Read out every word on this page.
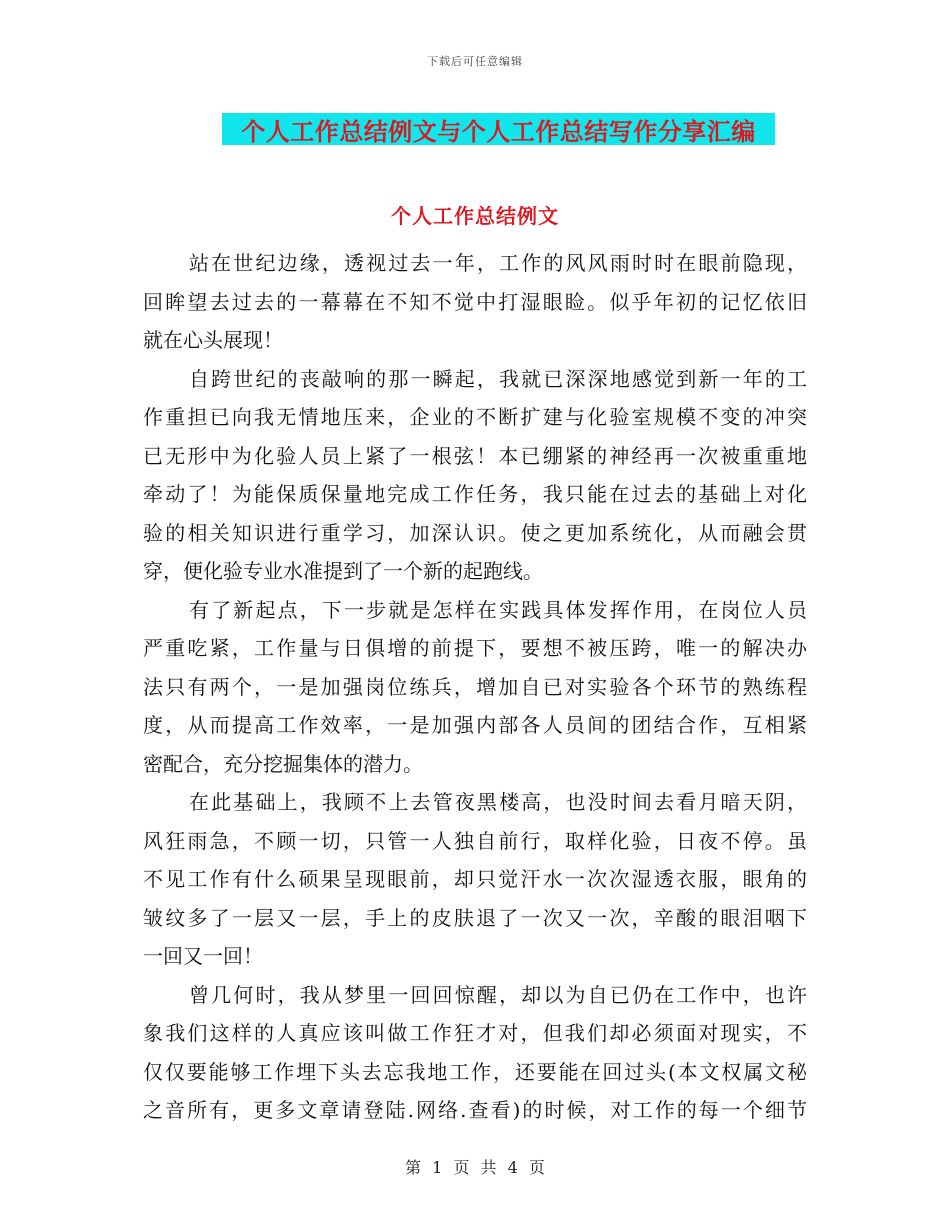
下载后可任意编辑
个人工作总结例文与个人工作总结写作分享汇编
个人工作总结例文
站在世纪边缘，透视过去一年，工作的风风雨时时在眼前隐现，
回眸望去过去的一幕幕在不知不觉中打湿眼睑。似乎年初的记忆依旧
就在心头展现！
自跨世纪的丧敲响的那一瞬起，我就已深深地感觉到新一年的工
作重担已向我无情地压来，企业的不断扩建与化验室规模不变的冲突
已无形中为化验人员上紧了一根弦！本已绷紧的神经再一次被重重地
牵动了！为能保质保量地完成工作任务，我只能在过去的基础上对化
验的相关知识进行重学习，加深认识。使之更加系统化，从而融会贯
穿，便化验专业水准提到了一个新的起跑线。
有了新起点，下一步就是怎样在实践具体发挥作用，在岗位人员
严重吃紧，工作量与日俱增的前提下，要想不被压跨，唯一的解决办
法只有两个，一是加强岗位练兵，增加自已对实验各个环节的熟练程
度，从而提高工作效率，一是加强内部各人员间的团结合作，互相紧
密配合，充分挖掘集体的潜力。
在此基础上，我顾不上去管夜黑楼高，也没时间去看月暗天阴，
风狂雨急，不顾一切，只管一人独自前行，取样化验，日夜不停。虽
不见工作有什么硕果呈现眼前，却只觉汗水一次次湿透衣服，眼角的
皱纹多了一层又一层，手上的皮肤退了一次又一次，辛酸的眼泪咽下
一回又一回！
曾几何时，我从梦里一回回惊醒，却以为自已仍在工作中，也许
象我们这样的人真应该叫做工作狂才对，但我们却必须面对现实，不
仅仅要能够工作埋下头去忘我地工作，还要能在回过头(本文权属文秘
之音所有，更多文章请登陆.网络.查看)的时候，对工作的每一个细节
第 1 页 共 4 页
